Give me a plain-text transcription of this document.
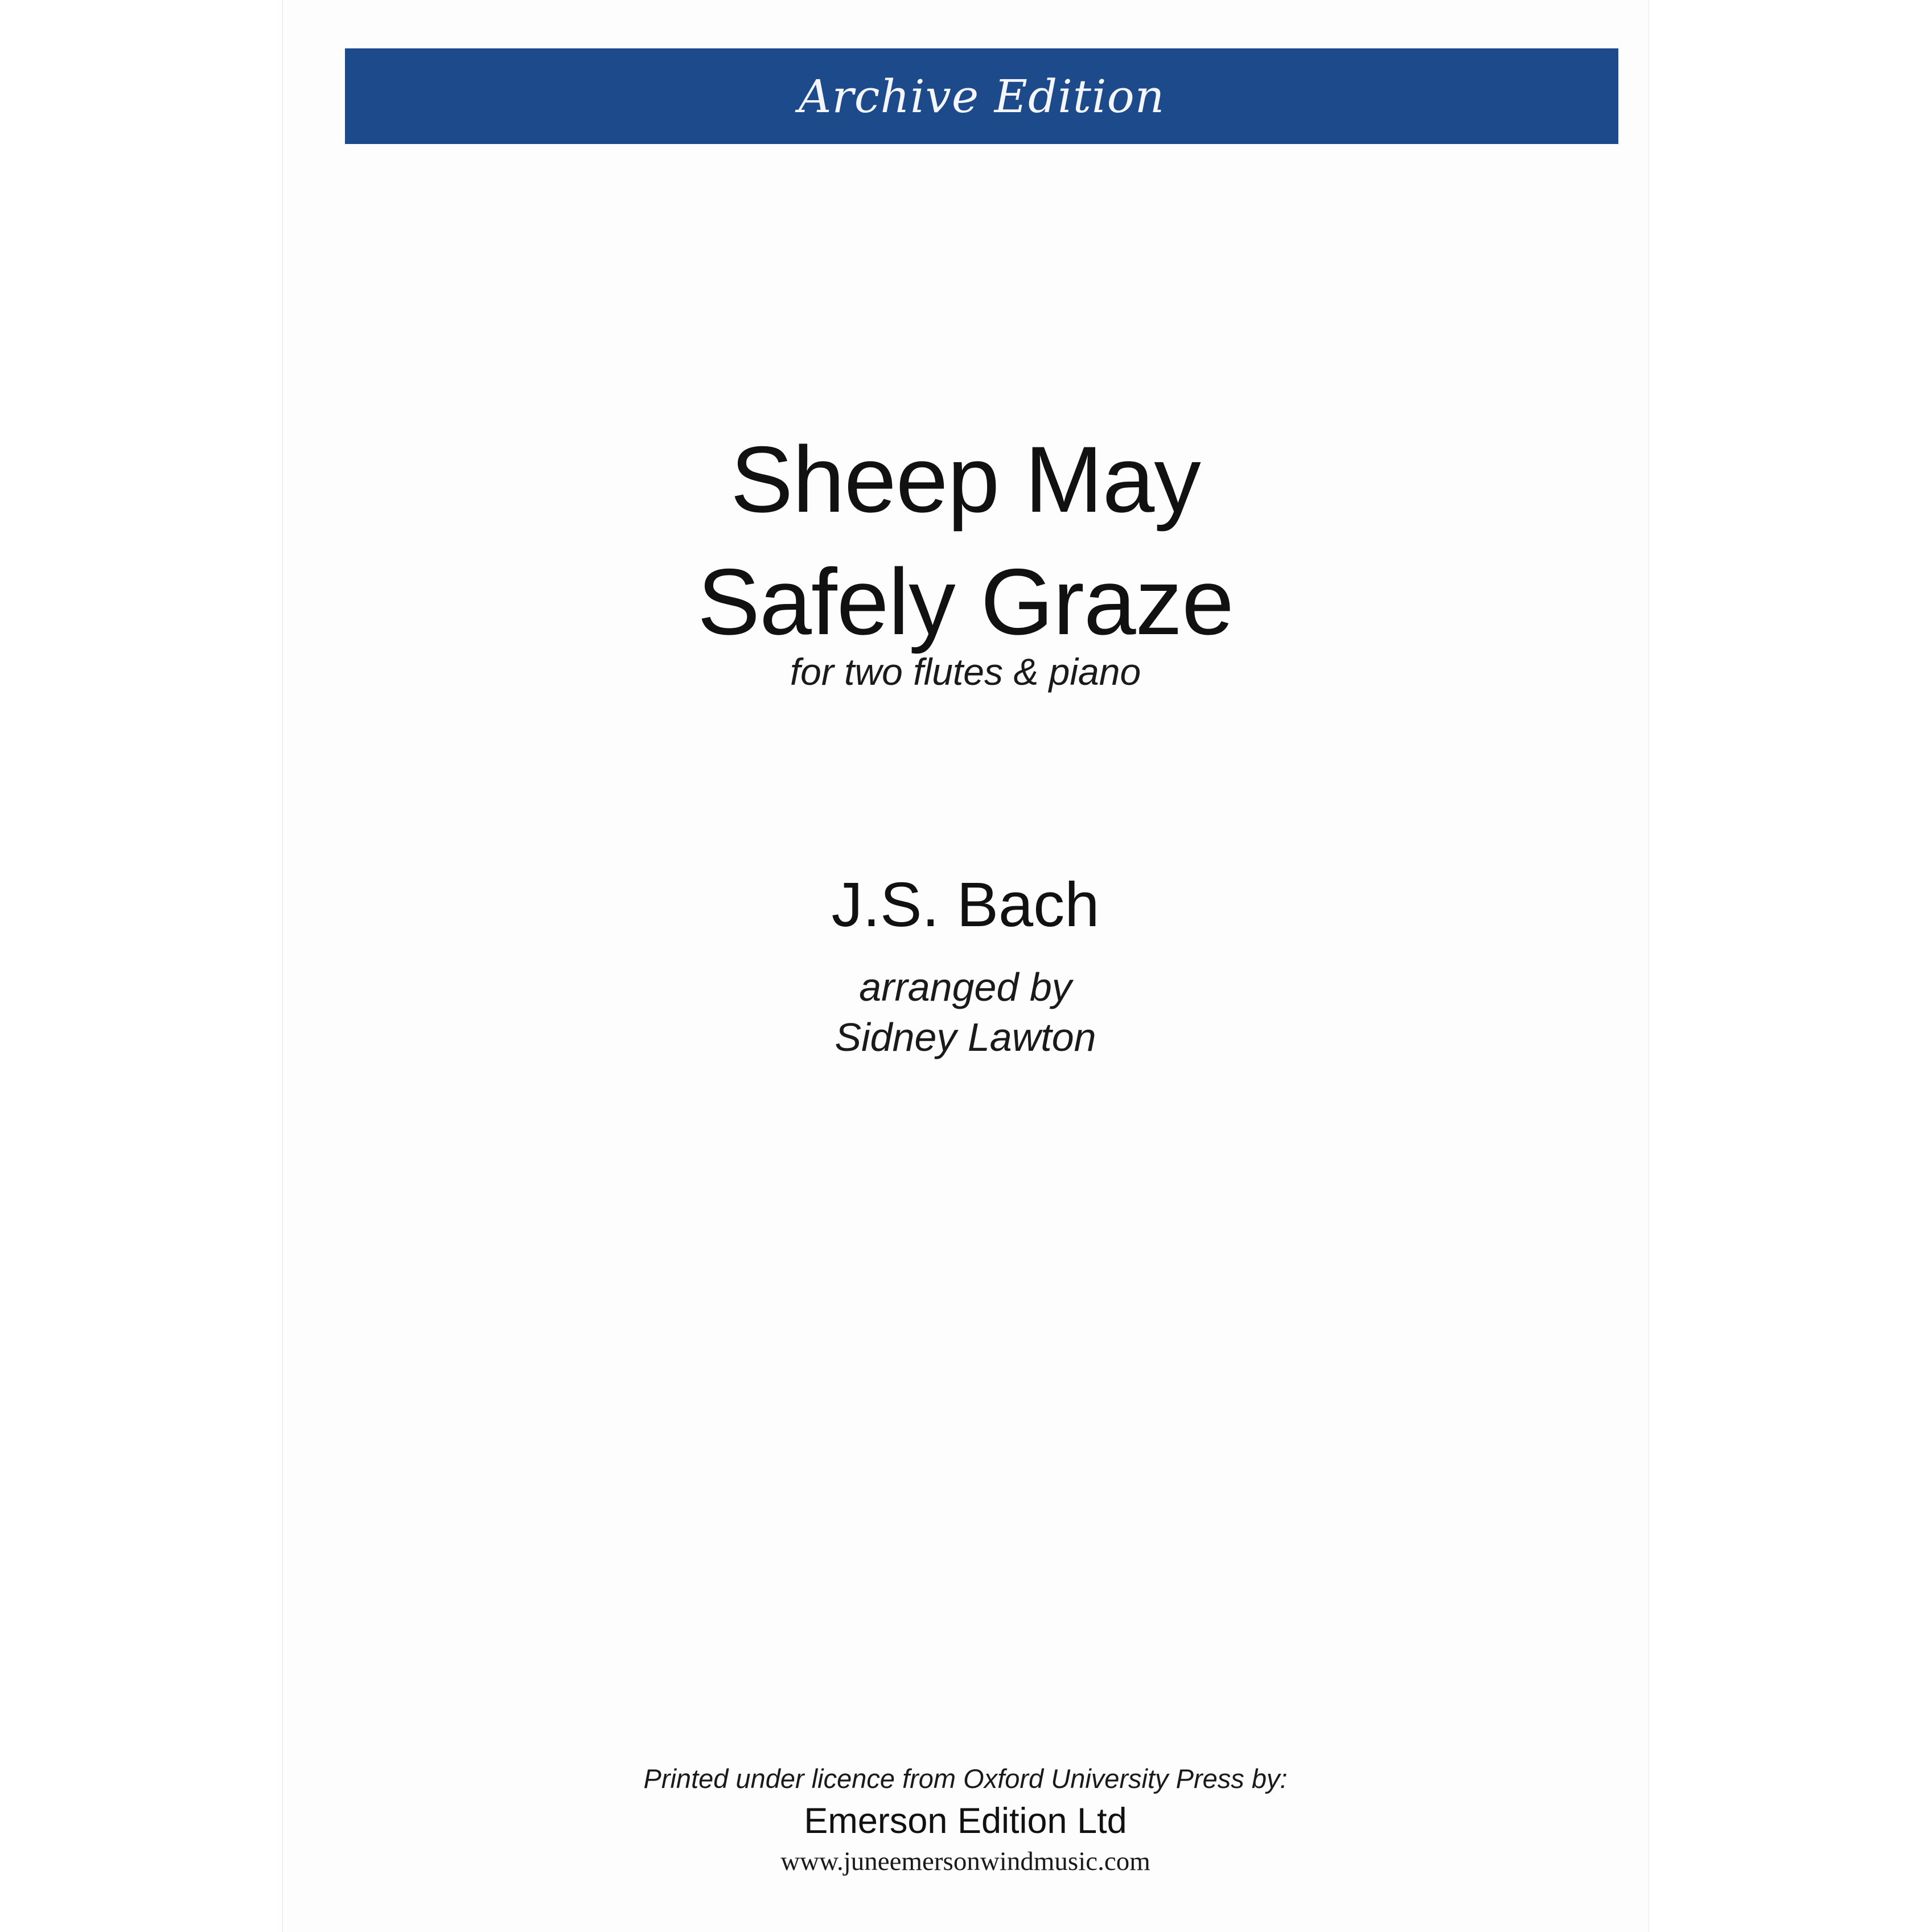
Archive Edition
Sheep May
Safely Graze
for two flutes & piano
J.S. Bach
arranged by
Sidney Lawton
Printed under licence from Oxford University Press by:
Emerson Edition Ltd
www.juneemersonwindmusic.com
